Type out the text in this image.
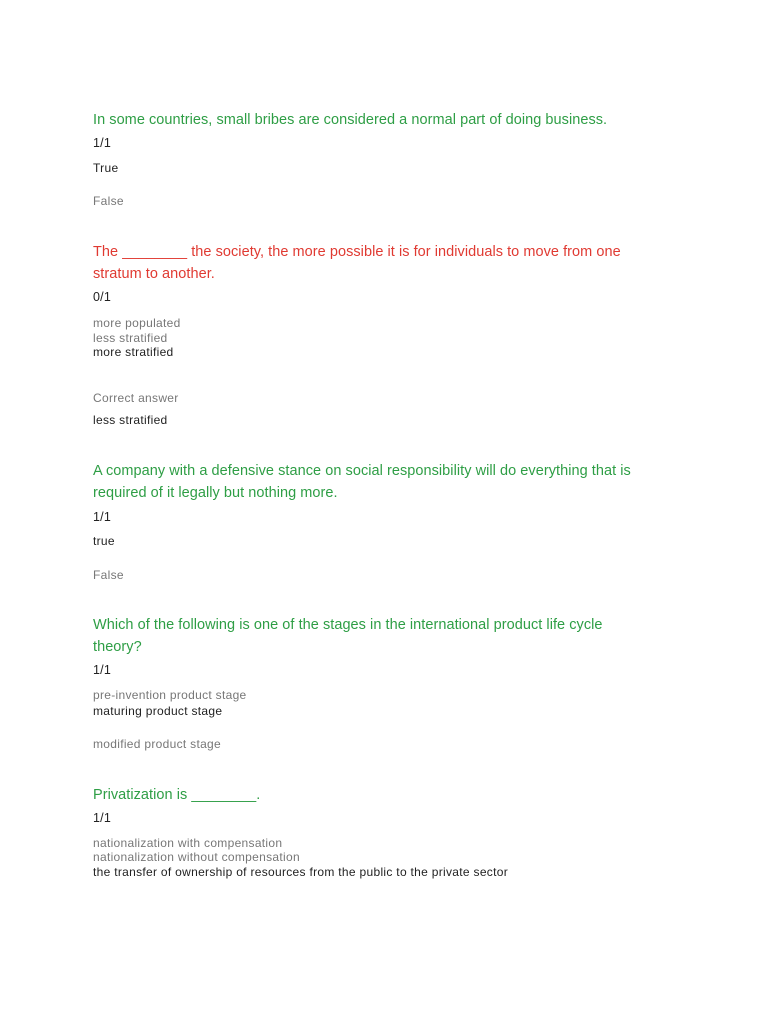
In some countries, small bribes are considered a normal part of doing business.

1/1

True

False

The ________ the society, the more possible it is for individuals to move from one

stratum to another.

0/1

more populated

less stratified

more stratified

Correct answer

less stratified

A company with a defensive stance on social responsibility will do everything that is

required of it legally but nothing more.

1/1

true

False

Which of the following is one of the stages in the international product life cycle

theory?

1/1

pre-invention product stage

maturing product stage

modified product stage

Privatization is ________.

1/1

nationalization with compensation

nationalization without compensation

the transfer of ownership of resources from the public to the private sector
